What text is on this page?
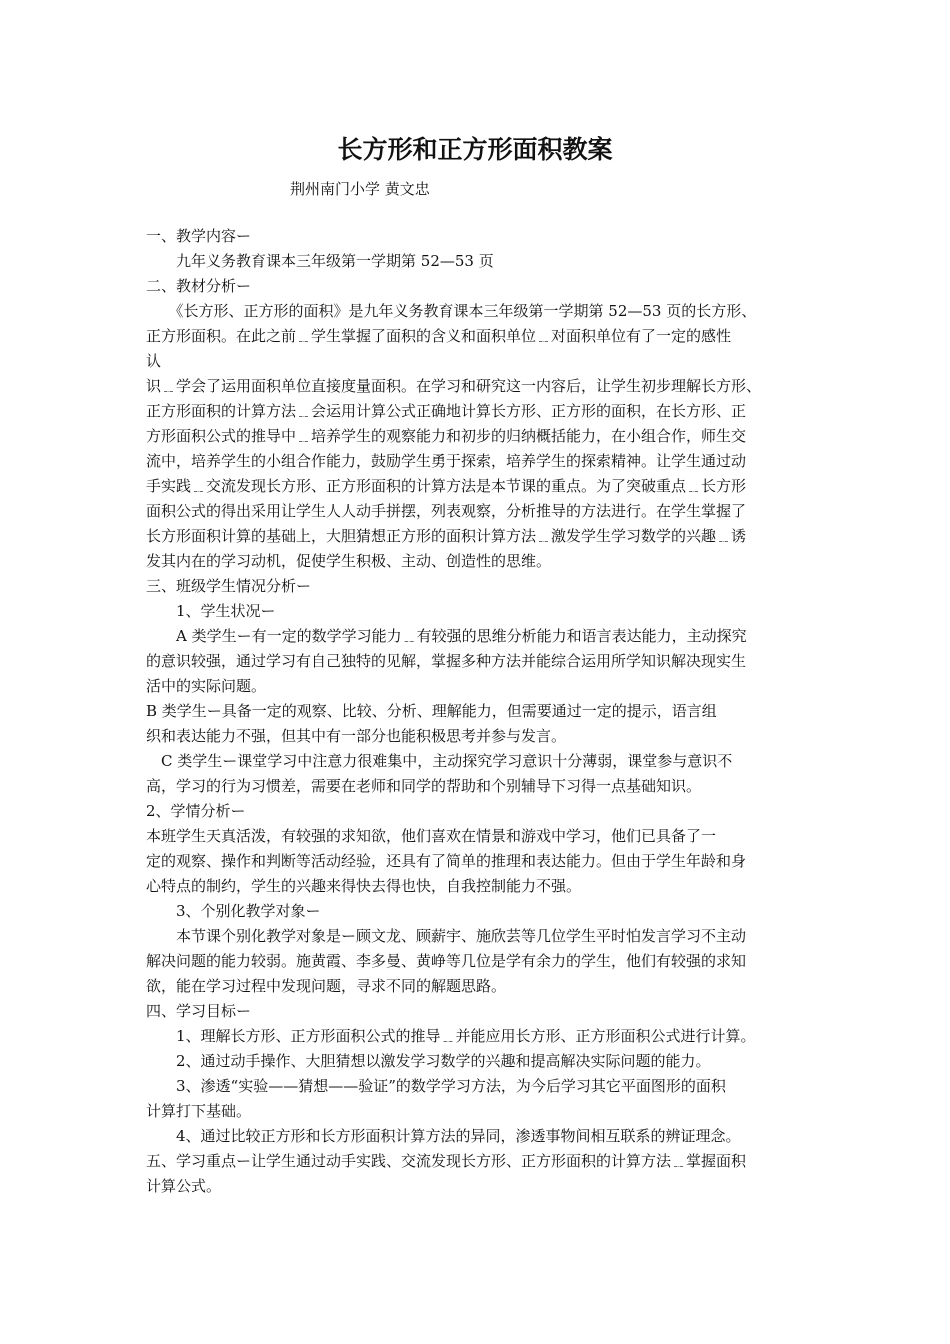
长方形和正方形面积教案
荆州南门小学 黄文忠
一、教学内容ー
　　九年义务教育课本三年级第一学期第 52—53 页
二、教材分析ー
　　《长方形、正方形的面积》是九年义务教育课本三年级第一学期第 52—53 页的长方形、
正方形面积。在此之前﹎学生掌握了面积的含义和面积单位﹎对面积单位有了一定的感性
认
识﹎学会了运用面积单位直接度量面积。在学习和研究这一内容后，让学生初步理解长方形、
正方形面积的计算方法﹎会运用计算公式正确地计算长方形、正方形的面积，在长方形、正
方形面积公式的推导中﹎培养学生的观察能力和初步的归纳概括能力，在小组合作，师生交
流中，培养学生的小组合作能力，鼓励学生勇于探索，培养学生的探索精神。让学生通过动
手实践﹎交流发现长方形、正方形面积的计算方法是本节课的重点。为了突破重点﹎长方形
面积公式的得出采用让学生人人动手拼摆，列表观察，分析推导的方法进行。在学生掌握了
长方形面积计算的基础上，大胆猜想正方形的面积计算方法﹎激发学生学习数学的兴趣﹎诱
发其内在的学习动机，促使学生积极、主动、创造性的思维。
三、班级学生情况分析ー
　　1、学生状况ー
　　A 类学生ー有一定的数学学习能力﹎有较强的思维分析能力和语言表达能力，主动探究
的意识较强，通过学习有自己独特的见解，掌握多种方法并能综合运用所学知识解决现实生
活中的实际问题。
B 类学生ー具备一定的观察、比较、分析、理解能力，但需要通过一定的提示，语言组
织和表达能力不强，但其中有一部分也能积极思考并参与发言。
　C 类学生ー课堂学习中注意力很难集中，主动探究学习意识十分薄弱，课堂参与意识不
高，学习的行为习惯差，需要在老师和同学的帮助和个别辅导下习得一点基础知识。
2、学情分析ー
本班学生天真活泼，有较强的求知欲，他们喜欢在情景和游戏中学习，他们已具备了一
定的观察、操作和判断等活动经验，还具有了简单的推理和表达能力。但由于学生年龄和身
心特点的制约，学生的兴趣来得快去得也快，自我控制能力不强。
　　3、个别化教学对象ー
　　本节课个别化教学对象是ー顾文龙、顾薪宇、施欣芸等几位学生平时怕发言学习不主动
解决问题的能力较弱。施黄霞、李多曼、黄峥等几位是学有余力的学生，他们有较强的求知
欲，能在学习过程中发现问题，寻求不同的解题思路。
四、学习目标ー
　　1、理解长方形、正方形面积公式的推导﹎并能应用长方形、正方形面积公式进行计算。
　　2、通过动手操作、大胆猜想以激发学习数学的兴趣和提高解决实际问题的能力。
　　3、渗透“实验——猜想——验证”的数学学习方法，为今后学习其它平面图形的面积
计算打下基础。
　　4、通过比较正方形和长方形面积计算方法的异同，渗透事物间相互联系的辨证理念。
五、学习重点ー让学生通过动手实践、交流发现长方形、正方形面积的计算方法﹎掌握面积
计算公式。
